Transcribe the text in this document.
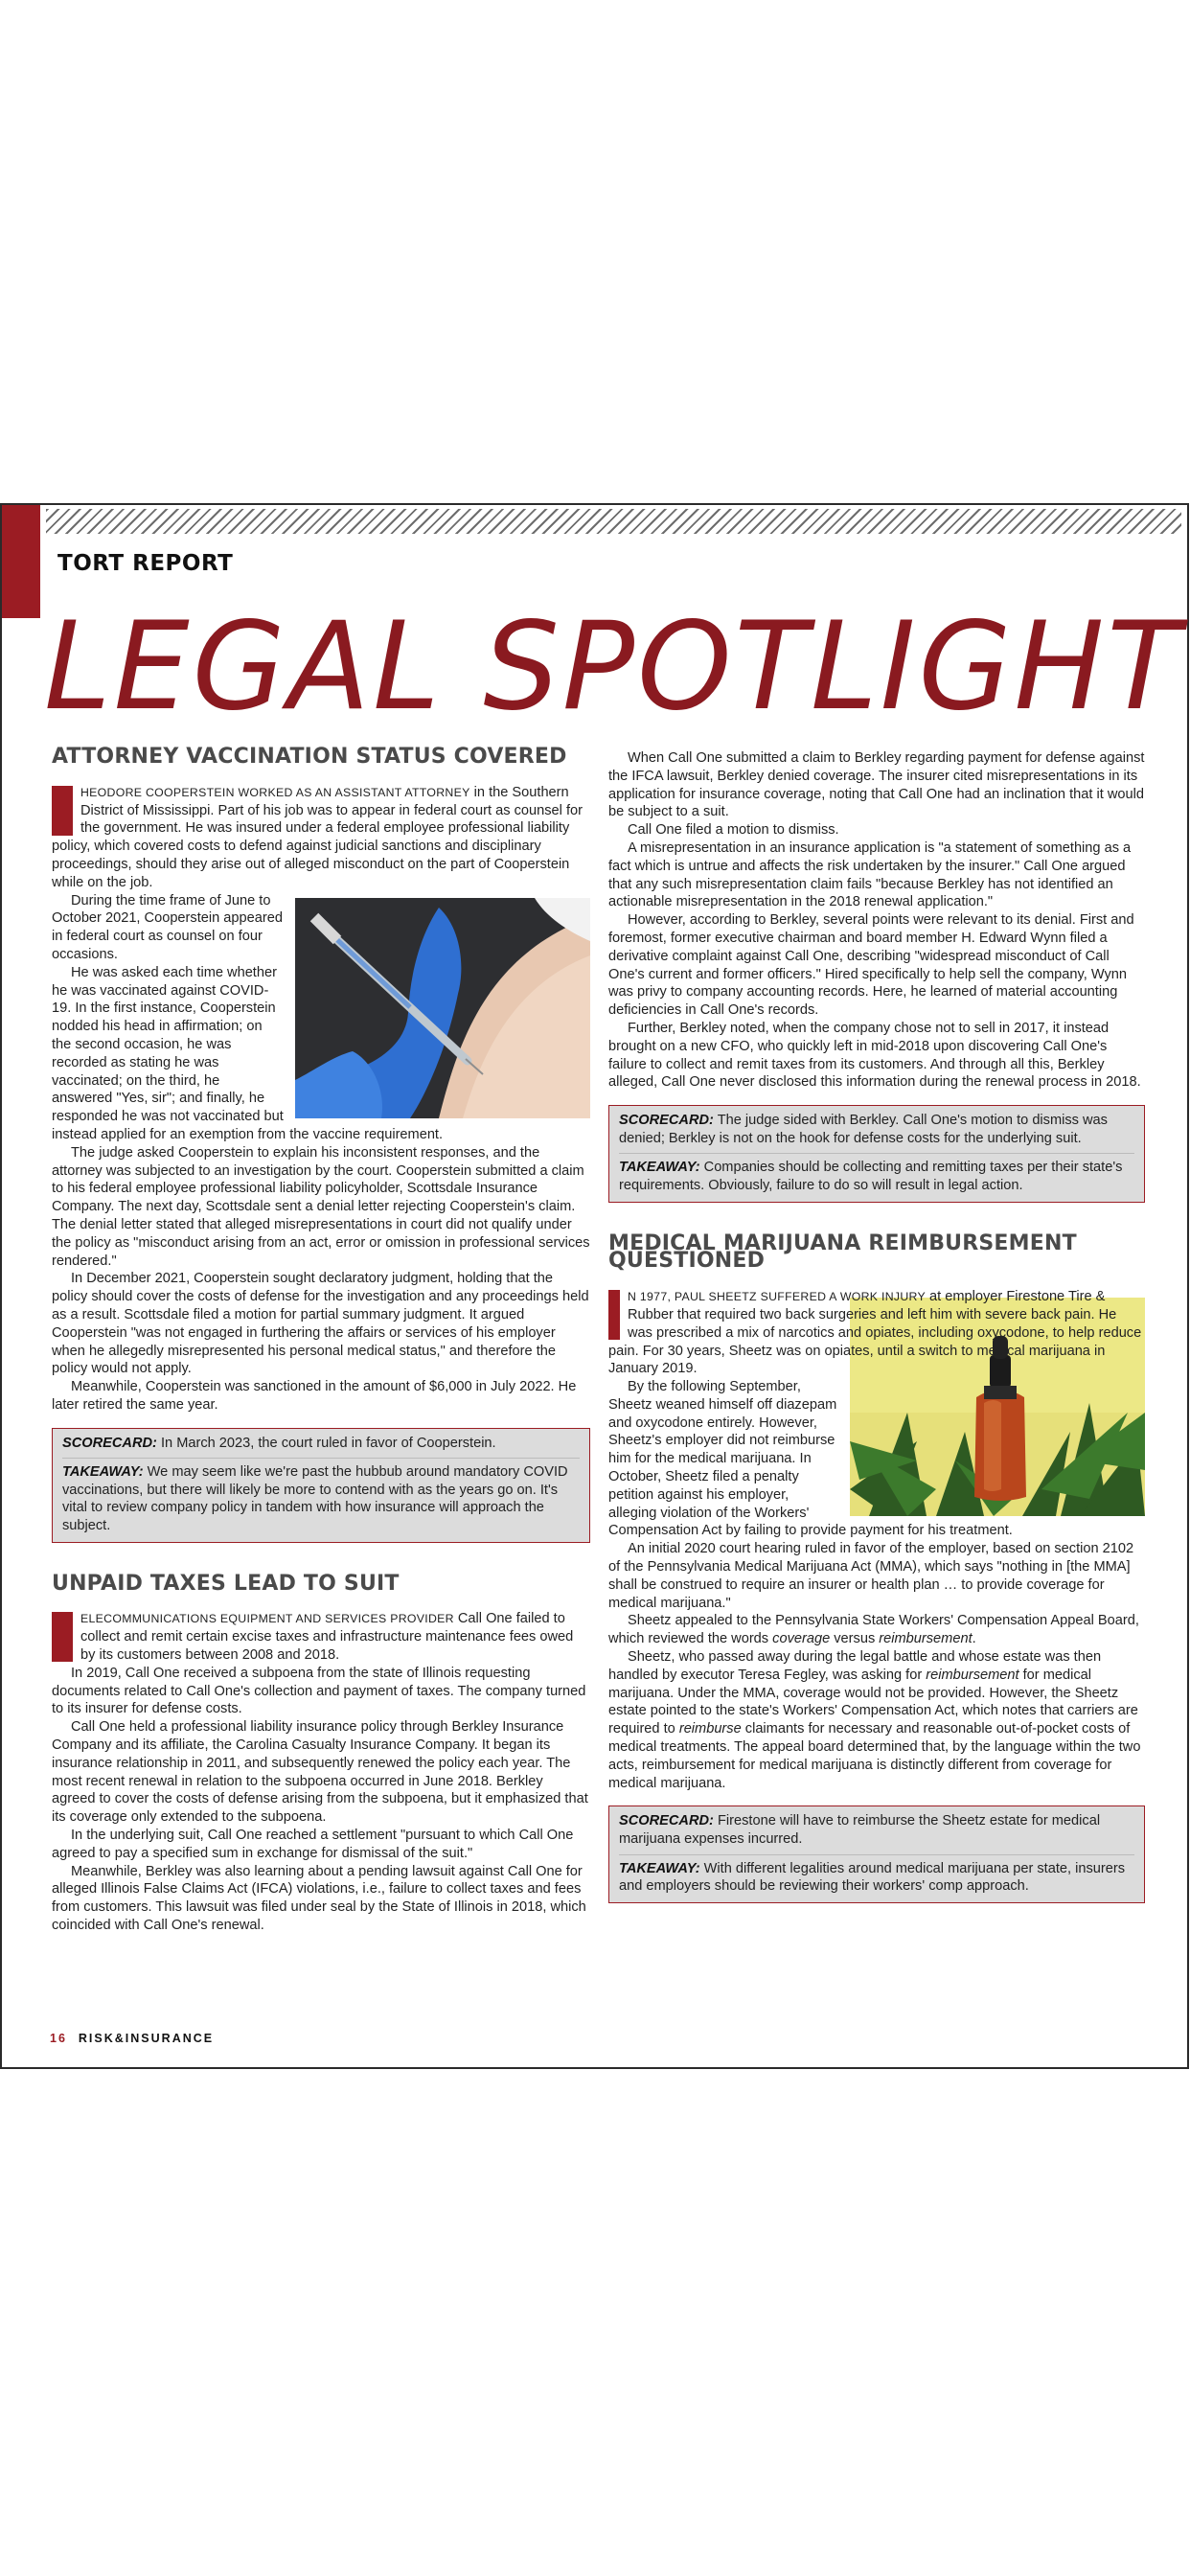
TORT REPORT
LEGAL SPOTLIGHT
ATTORNEY VACCINATION STATUS COVERED

HEODORE COOPERSTEIN WORKED AS AN ASSISTANT ATTORNEY in the Southern District of Mississippi. Part of his job was to appear in federal court as counsel for the government. He was insured under a federal employee professional liability policy, which covered costs to defend against judicial sanctions and disciplinary proceedings, should they arise out of alleged misconduct on the part of Cooperstein while on the job.

During the time frame of June to October 2021, Cooperstein appeared in federal court as counsel on four occasions.

He was asked each time whether he was vaccinated against COVID-19. In the first instance, Cooperstein nodded his head in affirmation; on the second occasion, he was recorded as stating he was vaccinated; on the third, he answered "Yes, sir"; and finally, he responded he was not vaccinated but instead applied for an exemption from the vaccine requirement.

The judge asked Cooperstein to explain his inconsistent responses, and the attorney was subjected to an investigation by the court. Cooperstein submitted a claim to his federal employee professional liability policyholder, Scottsdale Insurance Company. The next day, Scottsdale sent a denial letter rejecting Cooperstein's claim. The denial letter stated that alleged misrepresentations in court did not qualify under the policy as "misconduct arising from an act, error or omission in professional services rendered."

In December 2021, Cooperstein sought declaratory judgment, holding that the policy should cover the costs of defense for the investigation and any proceedings held as a result. Scottsdale filed a motion for partial summary judgment. It argued Cooperstein "was not engaged in furthering the affairs or services of his employer when he allegedly misrepresented his personal medical status," and therefore the policy would not apply.

Meanwhile, Cooperstein was sanctioned in the amount of $6,000 in July 2022. He later retired the same year.

SCORECARD: In March 2023, the court ruled in favor of Cooperstein.
TAKEAWAY: We may seem like we're past the hubbub around mandatory COVID vaccinations, but there will likely be more to contend with as the years go on. It's vital to review company policy in tandem with how insurance will approach the subject.
UNPAID TAXES LEAD TO SUIT

ELECOMMUNICATIONS EQUIPMENT AND SERVICES PROVIDER Call One failed to collect and remit certain excise taxes and infrastructure maintenance fees owed by its customers between 2008 and 2018.

In 2019, Call One received a subpoena from the state of Illinois requesting documents related to Call One's collection and payment of taxes. The company turned to its insurer for defense costs.

Call One held a professional liability insurance policy through Berkley Insurance Company and its affiliate, the Carolina Casualty Insurance Company. It began its insurance relationship in 2011, and subsequently renewed the policy each year. The most recent renewal in relation to the subpoena occurred in June 2018. Berkley agreed to cover the costs of defense arising from the subpoena, but it emphasized that its coverage only extended to the subpoena.

In the underlying suit, Call One reached a settlement "pursuant to which Call One agreed to pay a specified sum in exchange for dismissal of the suit."

Meanwhile, Berkley was also learning about a pending lawsuit against Call One for alleged Illinois False Claims Act (IFCA) violations, i.e., failure to collect taxes and fees from customers. This lawsuit was filed under seal by the State of Illinois in 2018, which coincided with Call One's renewal.

When Call One submitted a claim to Berkley regarding payment for defense against the IFCA lawsuit, Berkley denied coverage. The insurer cited misrepresentations in its application for insurance coverage, noting that Call One had an inclination that it would be subject to a suit.

Call One filed a motion to dismiss.

A misrepresentation in an insurance application is "a statement of something as a fact which is untrue and affects the risk undertaken by the insurer." Call One argued that any such misrepresentation claim fails "because Berkley has not identified an actionable misrepresentation in the 2018 renewal application."

However, according to Berkley, several points were relevant to its denial. First and foremost, former executive chairman and board member H. Edward Wynn filed a derivative complaint against Call One, describing "widespread misconduct of Call One's current and former officers." Hired specifically to help sell the company, Wynn was privy to company accounting records. Here, he learned of material accounting deficiencies in Call One's records.

Further, Berkley noted, when the company chose not to sell in 2017, it instead brought on a new CFO, who quickly left in mid-2018 upon discovering Call One's failure to collect and remit taxes from its customers. And through all this, Berkley alleged, Call One never disclosed this information during the renewal process in 2018.

SCORECARD: The judge sided with Berkley. Call One's motion to dismiss was denied; Berkley is not on the hook for defense costs for the underlying suit.
TAKEAWAY: Companies should be collecting and remitting taxes per their state's requirements. Obviously, failure to do so will result in legal action.
MEDICAL MARIJUANA REIMBURSEMENT QUESTIONED

N 1977, PAUL SHEETZ SUFFERED A WORK INJURY at employer Firestone Tire & Rubber that required two back surgeries and left him with severe back pain. He was prescribed a mix of narcotics and opiates, including oxycodone, to help reduce pain. For 30 years, Sheetz was on opiates, until a switch to medical marijuana in January 2019.

By the following September, Sheetz weaned himself off diazepam and oxycodone entirely. However, Sheetz's employer did not reimburse him for the medical marijuana. In October, Sheetz filed a penalty petition against his employer, alleging violation of the Workers' Compensation Act by failing to provide payment for his treatment.

An initial 2020 court hearing ruled in favor of the employer, based on section 2102 of the Pennsylvania Medical Marijuana Act (MMA), which says "nothing in [the MMA] shall be construed to require an insurer or health plan … to provide coverage for medical marijuana."

Sheetz appealed to the Pennsylvania State Workers' Compensation Appeal Board, which reviewed the words coverage versus reimbursement.

Sheetz, who passed away during the legal battle and whose estate was then handled by executor Teresa Fegley, was asking for reimbursement for medical marijuana. Under the MMA, coverage would not be provided. However, the Sheetz estate pointed to the state's Workers' Compensation Act, which notes that carriers are required to reimburse claimants for necessary and reasonable out-of-pocket costs of medical treatments. The appeal board determined that, by the language within the two acts, reimbursement for medical marijuana is distinctly different from coverage for medical marijuana.

SCORECARD: Firestone will have to reimburse the Sheetz estate for medical marijuana expenses incurred.
TAKEAWAY: With different legalities around medical marijuana per state, insurers and employers should be reviewing their workers' comp approach.
16 RISK&INSURANCE
